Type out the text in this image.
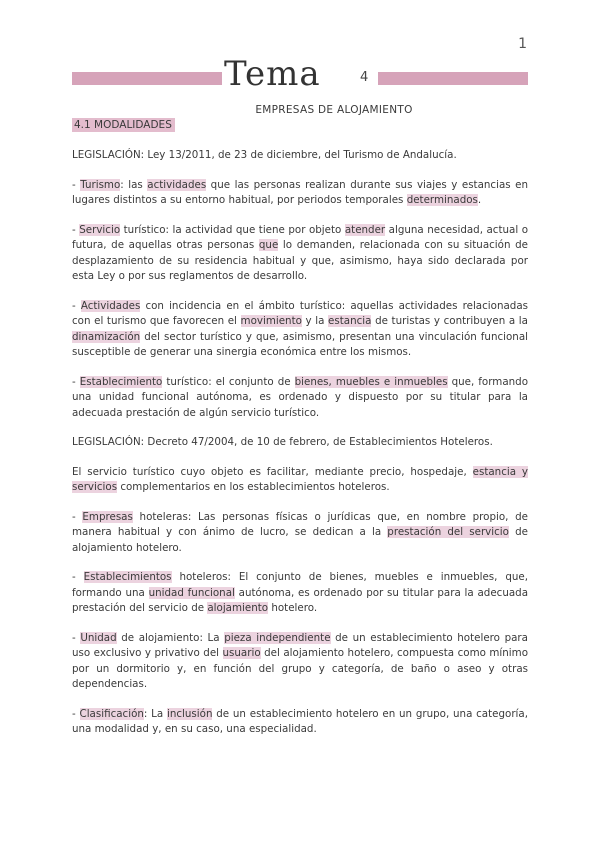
1
Tema	4
EMPRESAS DE ALOJAMIENTO
4.1 MODALIDADES

LEGISLACIÓN: Ley 13/2011, de 23 de diciembre, del Turismo de Andalucía.

- Turismo: las actividades que las personas realizan durante sus viajes y estancias en lugares distintos a su entorno habitual, por periodos temporales determinados.

- Servicio turístico: la actividad que tiene por objeto atender alguna necesidad, actual o futura, de aquellas otras personas que lo demanden, relacionada con su situación de desplazamiento de su residencia habitual y que, asimismo, haya sido declarada por esta Ley o por sus reglamentos de desarrollo.

- Actividades con incidencia en el ámbito turístico: aquellas actividades relacionadas con el turismo que favorecen el movimiento y la estancia de turistas y contribuyen a la dinamización del sector turístico y que, asimismo, presentan una vinculación funcional susceptible de generar una sinergia económica entre los mismos.

- Establecimiento turístico: el conjunto de bienes, muebles e inmuebles que, formando una unidad funcional autónoma, es ordenado y dispuesto por su titular para la adecuada prestación de algún servicio turístico.

LEGISLACIÓN: Decreto 47/2004, de 10 de febrero, de Establecimientos Hoteleros.

El servicio turístico cuyo objeto es facilitar, mediante precio, hospedaje, estancia y servicios complementarios en los establecimientos hoteleros.

- Empresas hoteleras: Las personas físicas o jurídicas que, en nombre propio, de manera habitual y con ánimo de lucro, se dedican a la prestación del servicio de alojamiento hotelero.

- Establecimientos hoteleros: El conjunto de bienes, muebles e inmuebles, que, formando una unidad funcional autónoma, es ordenado por su titular para la adecuada prestación del servicio de alojamiento hotelero.

- Unidad de alojamiento: La pieza independiente de un establecimiento hotelero para uso exclusivo y privativo del usuario del alojamiento hotelero, compuesta como mínimo por un dormitorio y, en función del grupo y categoría, de baño o aseo y otras dependencias.

- Clasificación: La inclusión de un establecimiento hotelero en un grupo, una categoría, una modalidad y, en su caso, una especialidad.
